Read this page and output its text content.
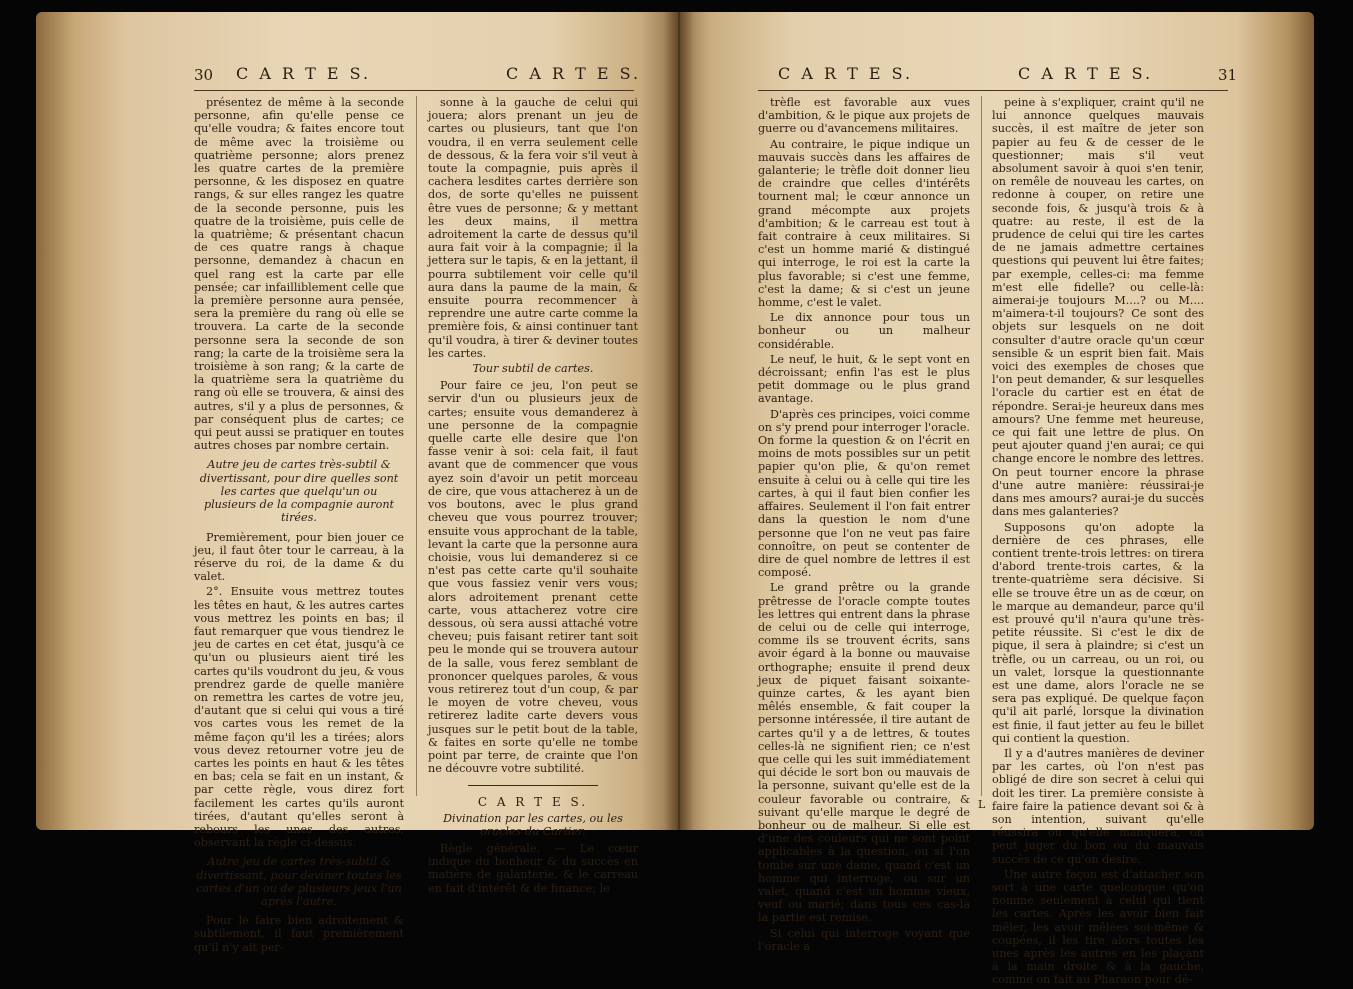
30 C A R T E S.	C A R T E S.

présentez de même à la seconde personne, afin qu'elle pense ce qu'elle voudra; & faites encore tout de même avec la troisième ou quatrième personne; alors prenez les quatre cartes de la première personne, & les disposez en quatre rangs, & sur elles rangez les quatre de la seconde personne, puis les quatre de la troisième, puis celle de la quatrième; & présentant chacun de ces quatre rangs à chaque personne, demandez à chacun en quel rang est la carte par elle pensée; car infailliblement celle que la première personne aura pensée, sera la première du rang où elle se trouvera. La carte de la seconde personne sera la seconde de son rang; la carte de la troisième sera la troisième à son rang; & la carte de la quatrième sera la quatrième du rang où elle se trouvera, & ainsi des autres, s'il y a plus de personnes, & par conséquent plus de cartes; ce qui peut aussi se pratiquer en toutes autres choses par nombre certain.

Autre jeu de cartes très-subtil & divertissant, pour dire quelles sont les cartes que quelqu'un ou plusieurs de la compagnie auront tirées.

Premièrement, pour bien jouer ce jeu, il faut ôter tour le carreau, à la réserve du roi, de la dame & du valet.

2°. Ensuite vous mettrez toutes les têtes en haut, & les autres cartes vous mettrez les points en bas; il faut remarquer que vous tiendrez le jeu de cartes en cet état, jusqu'à ce qu'un ou plusieurs aient tiré les cartes qu'ils voudront du jeu, & vous prendrez garde de quelle manière on remettra les cartes de votre jeu, d'autant que si celui qui vous a tiré vos cartes vous les remet de la même façon qu'il les a tirées; alors vous devez retourner votre jeu de cartes les points en haut & les têtes en bas; cela se fait en un instant, & par cette règle, vous direz fort facilement les cartes qu'ils auront tirées, d'autant qu'elles seront à rebours les unes des autres, observant la règle ci-dessus.

Autre jeu de cartes très-subtil & divertissant, pour deviner toutes les cartes d'un ou de plusieurs jeux l'un après l'autre.

Pour le faire bien adroitement & subtilement, il faut premièrement qu'il n'y ait per-

sonne à la gauche de celui qui jouera; alors prenant un jeu de cartes ou plusieurs, tant que l'on voudra, il en verra seulement celle de dessous, & la fera voir s'il veut à toute la compagnie, puis après il cachera lesdites cartes derrière son dos, de sorte qu'elles ne puissent être vues de personne; & y mettant les deux mains, il mettra adroitement la carte de dessus qu'il aura fait voir à la compagnie; il la jettera sur le tapis, & en la jettant, il pourra subtilement voir celle qu'il aura dans la paume de la main, & ensuite pourra recommencer à reprendre une autre carte comme la première fois, & ainsi continuer tant qu'il voudra, à tirer & deviner toutes les cartes.

Tour subtil de cartes.

Pour faire ce jeu, l'on peut se servir d'un ou plusieurs jeux de cartes; ensuite vous demanderez à une personne de la compagnie quelle carte elle desire que l'on fasse venir à soi: cela fait, il faut avant que de commencer que vous ayez soin d'avoir un petit morceau de cire, que vous attacherez à un de vos boutons, avec le plus grand cheveu que vous pourrez trouver; ensuite vous approchant de la table, levant la carte que la personne aura choisie, vous lui demanderez si ce n'est pas cette carte qu'il souhaite que vous fassiez venir vers vous; alors adroitement prenant cette carte, vous attacherez votre cire dessous, où sera aussi attaché votre cheveu; puis faisant retirer tant soit peu le monde qui se trouvera autour de la salle, vous ferez semblant de prononcer quelques paroles, & vous vous retirerez tout d'un coup, & par le moyen de votre cheveu, vous retirerez ladite carte devers vous jusques sur le petit bout de la table, & faites en sorte qu'elle ne tombe point par terre, de crainte que l'on ne découvre votre subtilité.

C A R T E S.

Divination par les cartes, ou les oracles du Cartier.

Règle générale. — Le cœur indique du bonheur & du succès en matière de galanterie, & le carreau en fait d'intérêt & de finance; le

C A R T E S.	C A R T E S.	31

trèfle est favorable aux vues d'ambition, & le pique aux projets de guerre ou d'avancemens militaires.

Au contraire, le pique indique un mauvais succès dans les affaires de galanterie; le trèfle doit donner lieu de craindre que celles d'intérêts tournent mal; le cœur annonce un grand mécompte aux projets d'ambition; & le carreau est tout à fait contraire à ceux militaires. Si c'est un homme marié & distingué qui interroge, le roi est la carte la plus favorable; si c'est une femme, c'est la dame; & si c'est un jeune homme, c'est le valet.

Le dix annonce pour tous un bonheur ou un malheur considérable.

Le neuf, le huit, & le sept vont en décroissant; enfin l'as est le plus petit dommage ou le plus grand avantage.

D'après ces principes, voici comme on s'y prend pour interroger l'oracle. On forme la question & on l'écrit en moins de mots possibles sur un petit papier qu'on plie, & qu'on remet ensuite à celui ou à celle qui tire les cartes, à qui il faut bien confier les affaires. Seulement il l'on fait entrer dans la question le nom d'une personne que l'on ne veut pas faire connoître, on peut se contenter de dire de quel nombre de lettres il est composé.

Le grand prêtre ou la grande prêtresse de l'oracle compte toutes les lettres qui entrent dans la phrase de celui ou de celle qui interroge, comme ils se trouvent écrits, sans avoir égard à la bonne ou mauvaise orthographe; ensuite il prend deux jeux de piquet faisant soixante-quinze cartes, & les ayant bien mêlés ensemble, & fait couper la personne intéressée, il tire autant de cartes qu'il y a de lettres, & toutes celles-là ne signifient rien; ce n'est que celle qui les suit immédiatement qui décide le sort bon ou mauvais de la personne, suivant qu'elle est de la couleur favorable ou contraire, & suivant qu'elle marque le degré de bonheur ou de malheur. Si elle est d'une des couleurs qui ne sont point applicables à la question, ou si l'on tombe sur une dame, quand c'est un homme qui interroge, ou sur un valet, quand c'est un homme vieux, veuf ou marié; dans tous ces cas-là la partie est remise.

Si celui qui interroge voyant que l'oracle a

peine à s'expliquer, craint qu'il ne lui annonce quelques mauvais succès, il est maître de jeter son papier au feu & de cesser de le questionner; mais s'il veut absolument savoir à quoi s'en tenir, on remêle de nouveau les cartes, on redonne à couper, on retire une seconde fois, & jusqu'à trois & à quatre: au reste, il est de la prudence de celui qui tire les cartes de ne jamais admettre certaines questions qui peuvent lui être faites; par exemple, celles-ci: ma femme m'est elle fidelle? ou celle-là: aimerai-je toujours M....? ou M.... m'aimera-t-il toujours? Ce sont des objets sur lesquels on ne doit consulter d'autre oracle qu'un cœur sensible & un esprit bien fait. Mais voici des exemples de choses que l'on peut demander, & sur lesquelles l'oracle du cartier est en état de répondre. Serai-je heureux dans mes amours? Une femme met heureuse, ce qui fait une lettre de plus. On peut ajouter quand j'en aurai; ce qui change encore le nombre des lettres. On peut tourner encore la phrase d'une autre manière: réussirai-je dans mes amours? aurai-je du succès dans mes galanteries?

Supposons qu'on adopte la dernière de ces phrases, elle contient trente-trois lettres: on tirera d'abord trente-trois cartes, & la trente-quatrième sera décisive. Si elle se trouve être un as de cœur, on le marque au demandeur, parce qu'il est prouvé qu'il n'aura qu'une très-petite réussite. Si c'est le dix de pique, il sera à plaindre; si c'est un trèfle, ou un carreau, ou un roi, ou un valet, lorsque la questionnante est une dame, alors l'oracle ne se sera pas expliqué. De quelque façon qu'il ait parlé, lorsque la divination est finie, il faut jetter au feu le billet qui contient la question.

Il y a d'autres manières de deviner par les cartes, où l'on n'est pas obligé de dire son secret à celui qui doit les tirer. La première consiste à faire faire la patience devant soi & à son intention, suivant qu'elle réussira ou qu'elle manquera, on peut juger du bon ou du mauvais succès de ce qu'on desire.

Une autre façon est d'attacher son sort à une carte quelconque qu'on nomme seulement à celui qui tient les cartes. Après les avoir bien fait mêler, les avoir mêlées soi-même & coupées, il les tire alors toutes les unes après les autres en les plaçant à la main droite & à la gauche, comme on fait au Pharaon pour dé-

L
